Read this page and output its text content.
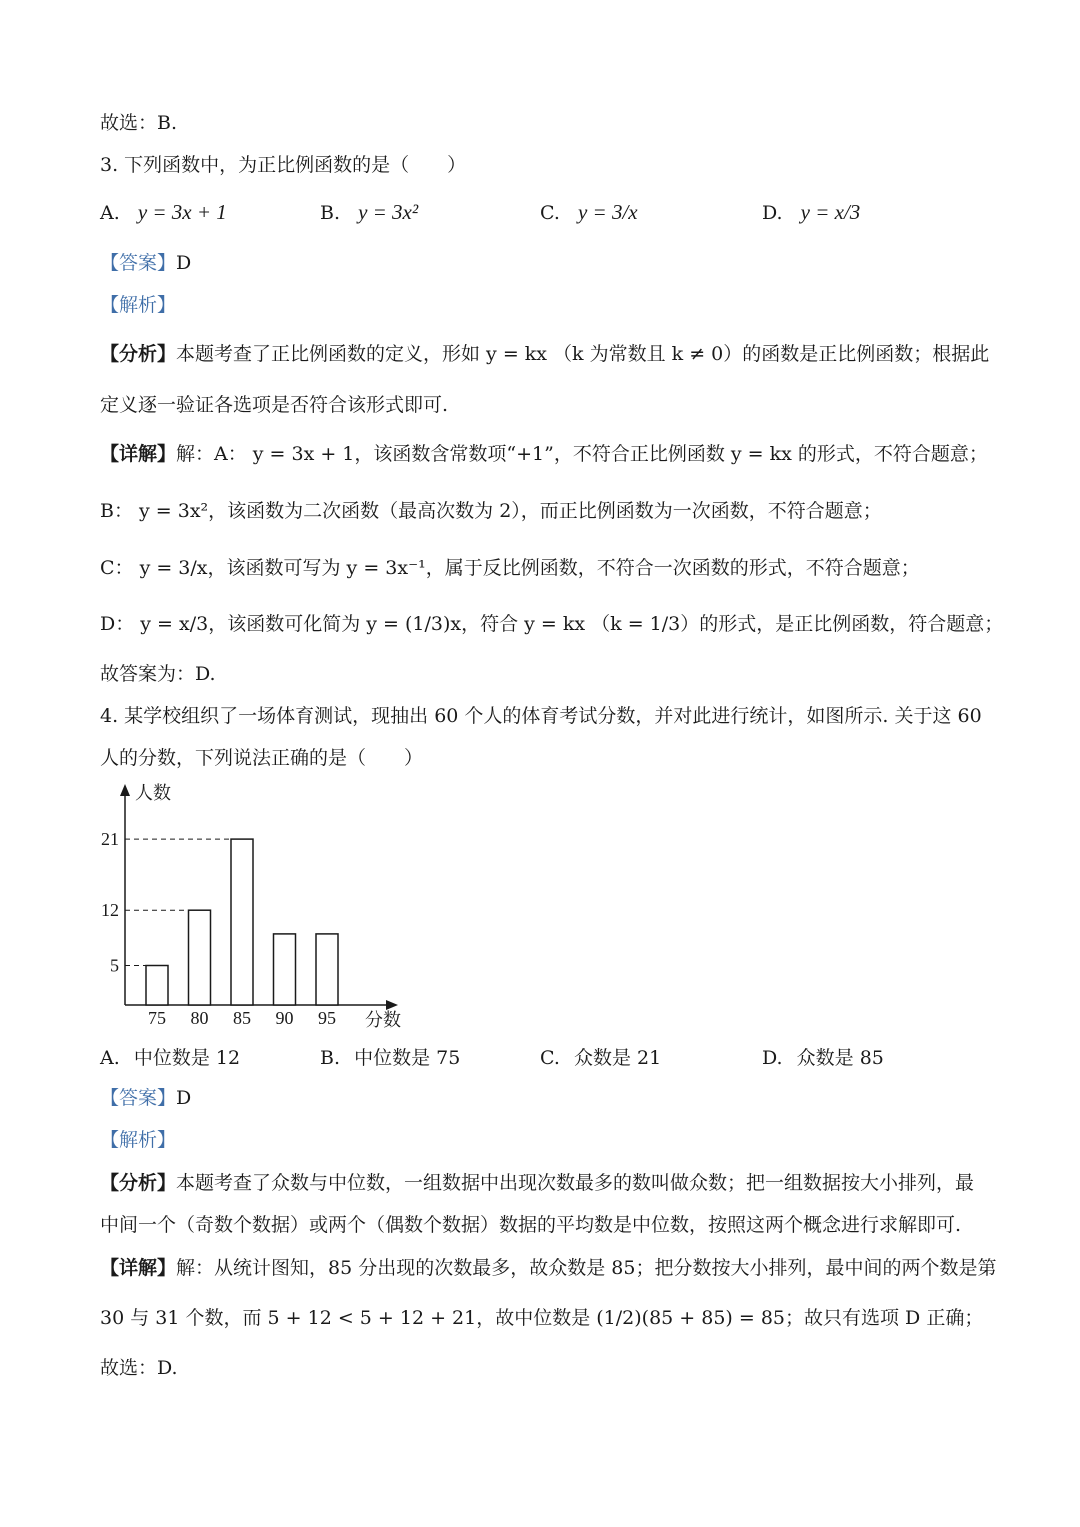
故选：B.
3. 下列函数中，为正比例函数的是（　　）
A. y = 3x + 1	B. y = 3x²	C. y = 3/x	D. y = x/3
【答案】D
【解析】
【分析】本题考查了正比例函数的定义，形如 y = kx （k 为常数且 k ≠ 0）的函数是正比例函数；根据此
定义逐一验证各选项是否符合该形式即可.
【详解】解：A： y = 3x + 1，该函数含常数项“+1”，不符合正比例函数 y = kx 的形式，不符合题意；
B： y = 3x²，该函数为二次函数（最高次数为 2），而正比例函数为一次函数，不符合题意；
C： y = 3/x，该函数可写为 y = 3x⁻¹，属于反比例函数，不符合一次函数的形式，不符合题意；
D： y = x/3，该函数可化简为 y = (1/3)x，符合 y = kx （k = 1/3）的形式，是正比例函数，符合题意；
故答案为：D.
4. 某学校组织了一场体育测试，现抽出 60 个人的体育考试分数，并对此进行统计，如图所示. 关于这 60
人的分数，下列说法正确的是（　　）
人数
分数
75 80 85 90 95
5
12
21
A. 中位数是 12	B. 中位数是 75	C. 众数是 21	D. 众数是 85
【答案】D
【解析】
【分析】本题考查了众数与中位数，一组数据中出现次数最多的数叫做众数；把一组数据按大小排列，最
中间一个（奇数个数据）或两个（偶数个数据）数据的平均数是中位数，按照这两个概念进行求解即可.
【详解】解：从统计图知，85 分出现的次数最多，故众数是 85；把分数按大小排列，最中间的两个数是第
30 与 31 个数，而 5 + 12 < 5 + 12 + 21，故中位数是 (1/2)(85 + 85) = 85；故只有选项 D 正确；
故选：D.
